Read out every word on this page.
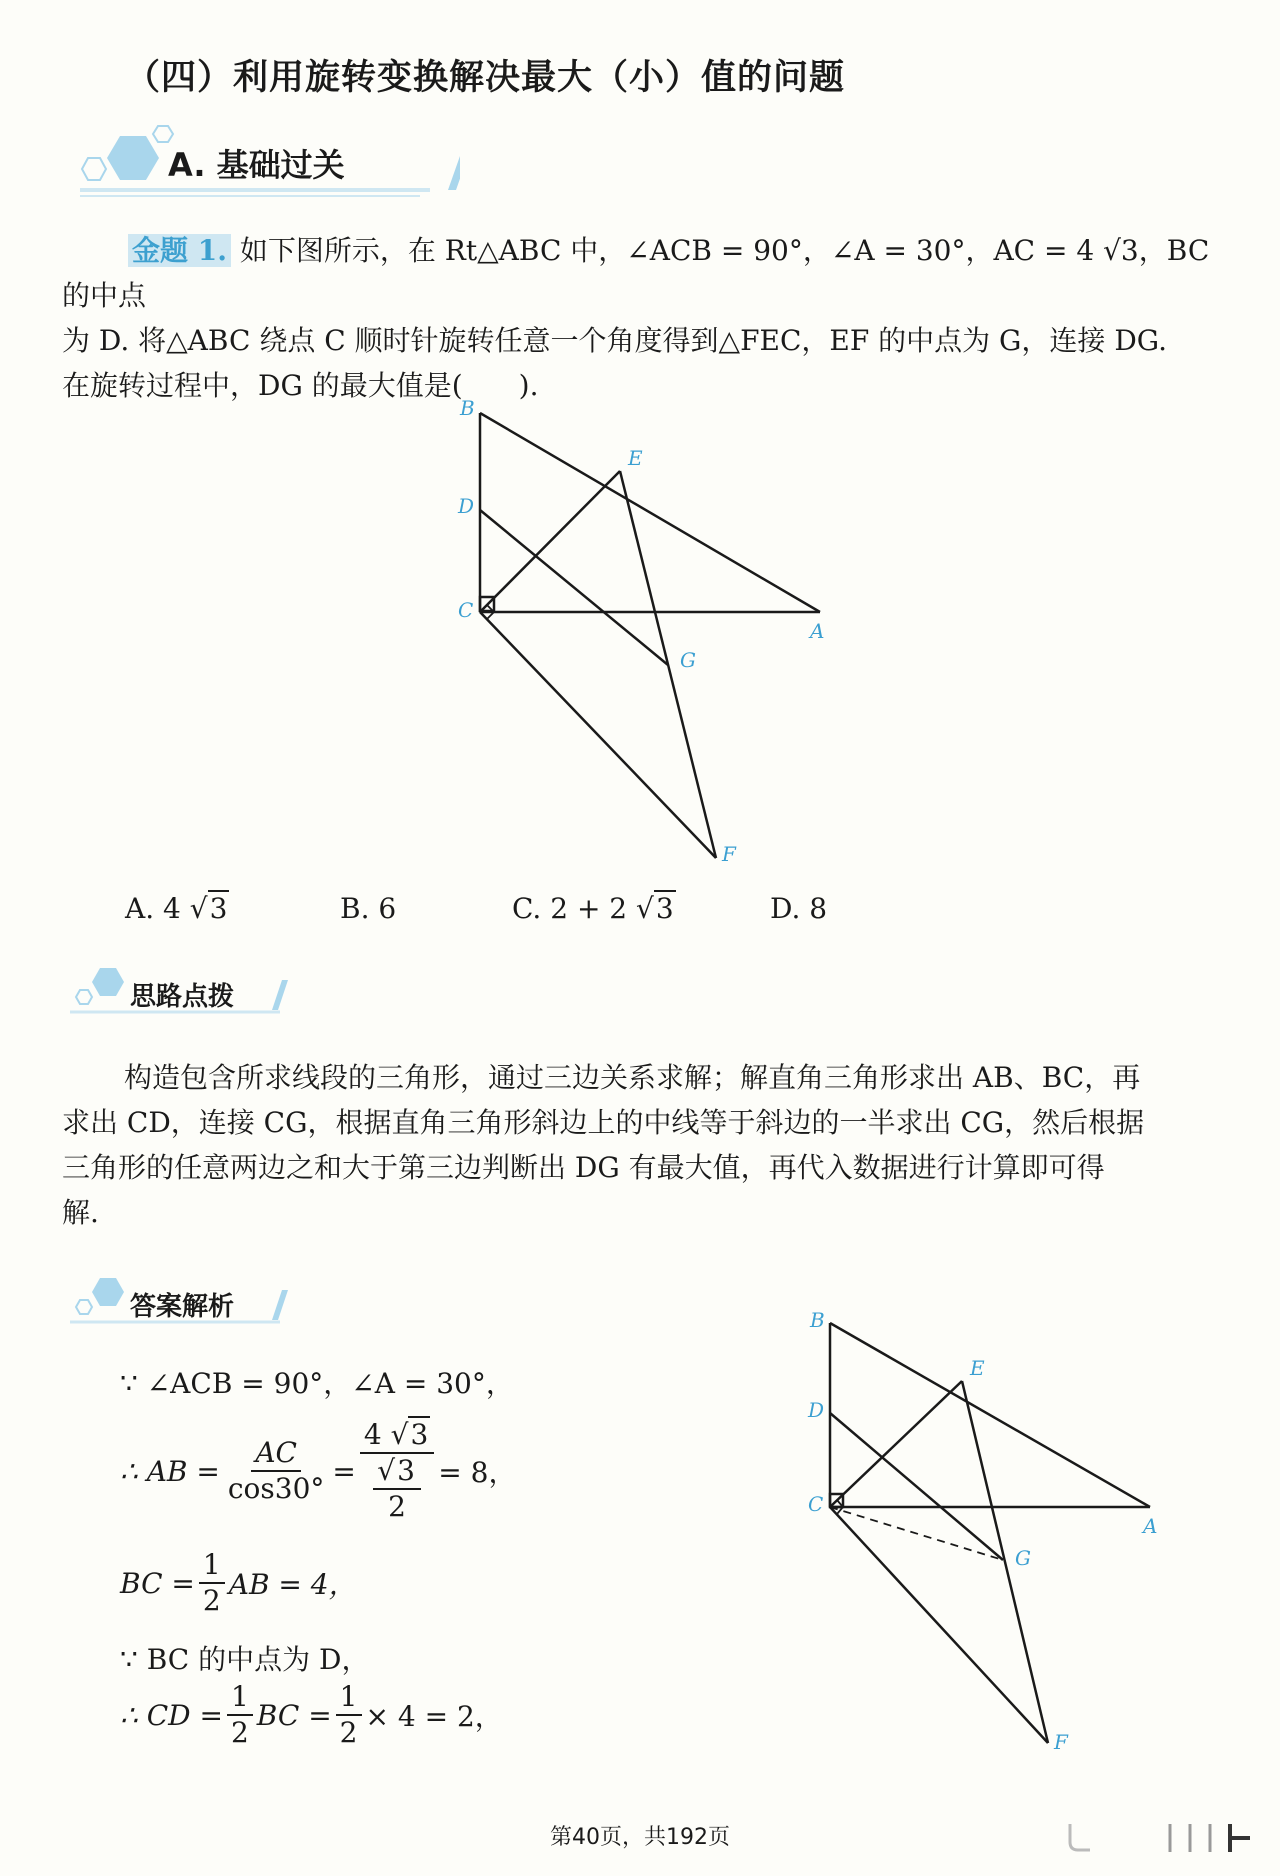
（四）利用旋转变换解决最大（小）值的问题
A. 基础过关

金题 1. 如下图所示，在 Rt△ABC 中，∠ACB = 90°，∠A = 30°，AC = 4 √3，BC 的中点

为 D. 将△ABC 绕点 C 顺时针旋转任意一个角度得到△FEC，EF 的中点为 G，连接 DG.

在旋转过程中，DG 的最大值是(　　).

B
E
D
C
A
G
F
A. 4 √3	B. 6	C. 2 + 2 √3	D. 8
思路点拨

构造包含所求线段的三角形，通过三边关系求解；解直角三角形求出 AB、BC，再

求出 CD，连接 CG，根据直角三角形斜边上的中线等于斜边的一半求出 CG，然后根据

三角形的任意两边之和大于第三边判断出 DG 有最大值，再代入数据进行计算即可得

解.

答案解析
∵ ∠ACB = 90°，∠A = 30°，
∴ AB = $\frac{AC}{\cos 30^\circ} = \frac{4 √3}{\frac{√3}{2}} = 8$，
BC = $\frac{1}{2}$ AB = 4，
∵ BC 的中点为 D，
∴ CD = $\frac{1}{2}$ BC = $\frac{1}{2} \times 4 = 2$，
B
E
D
C
A
G
F
第40页，共192页
